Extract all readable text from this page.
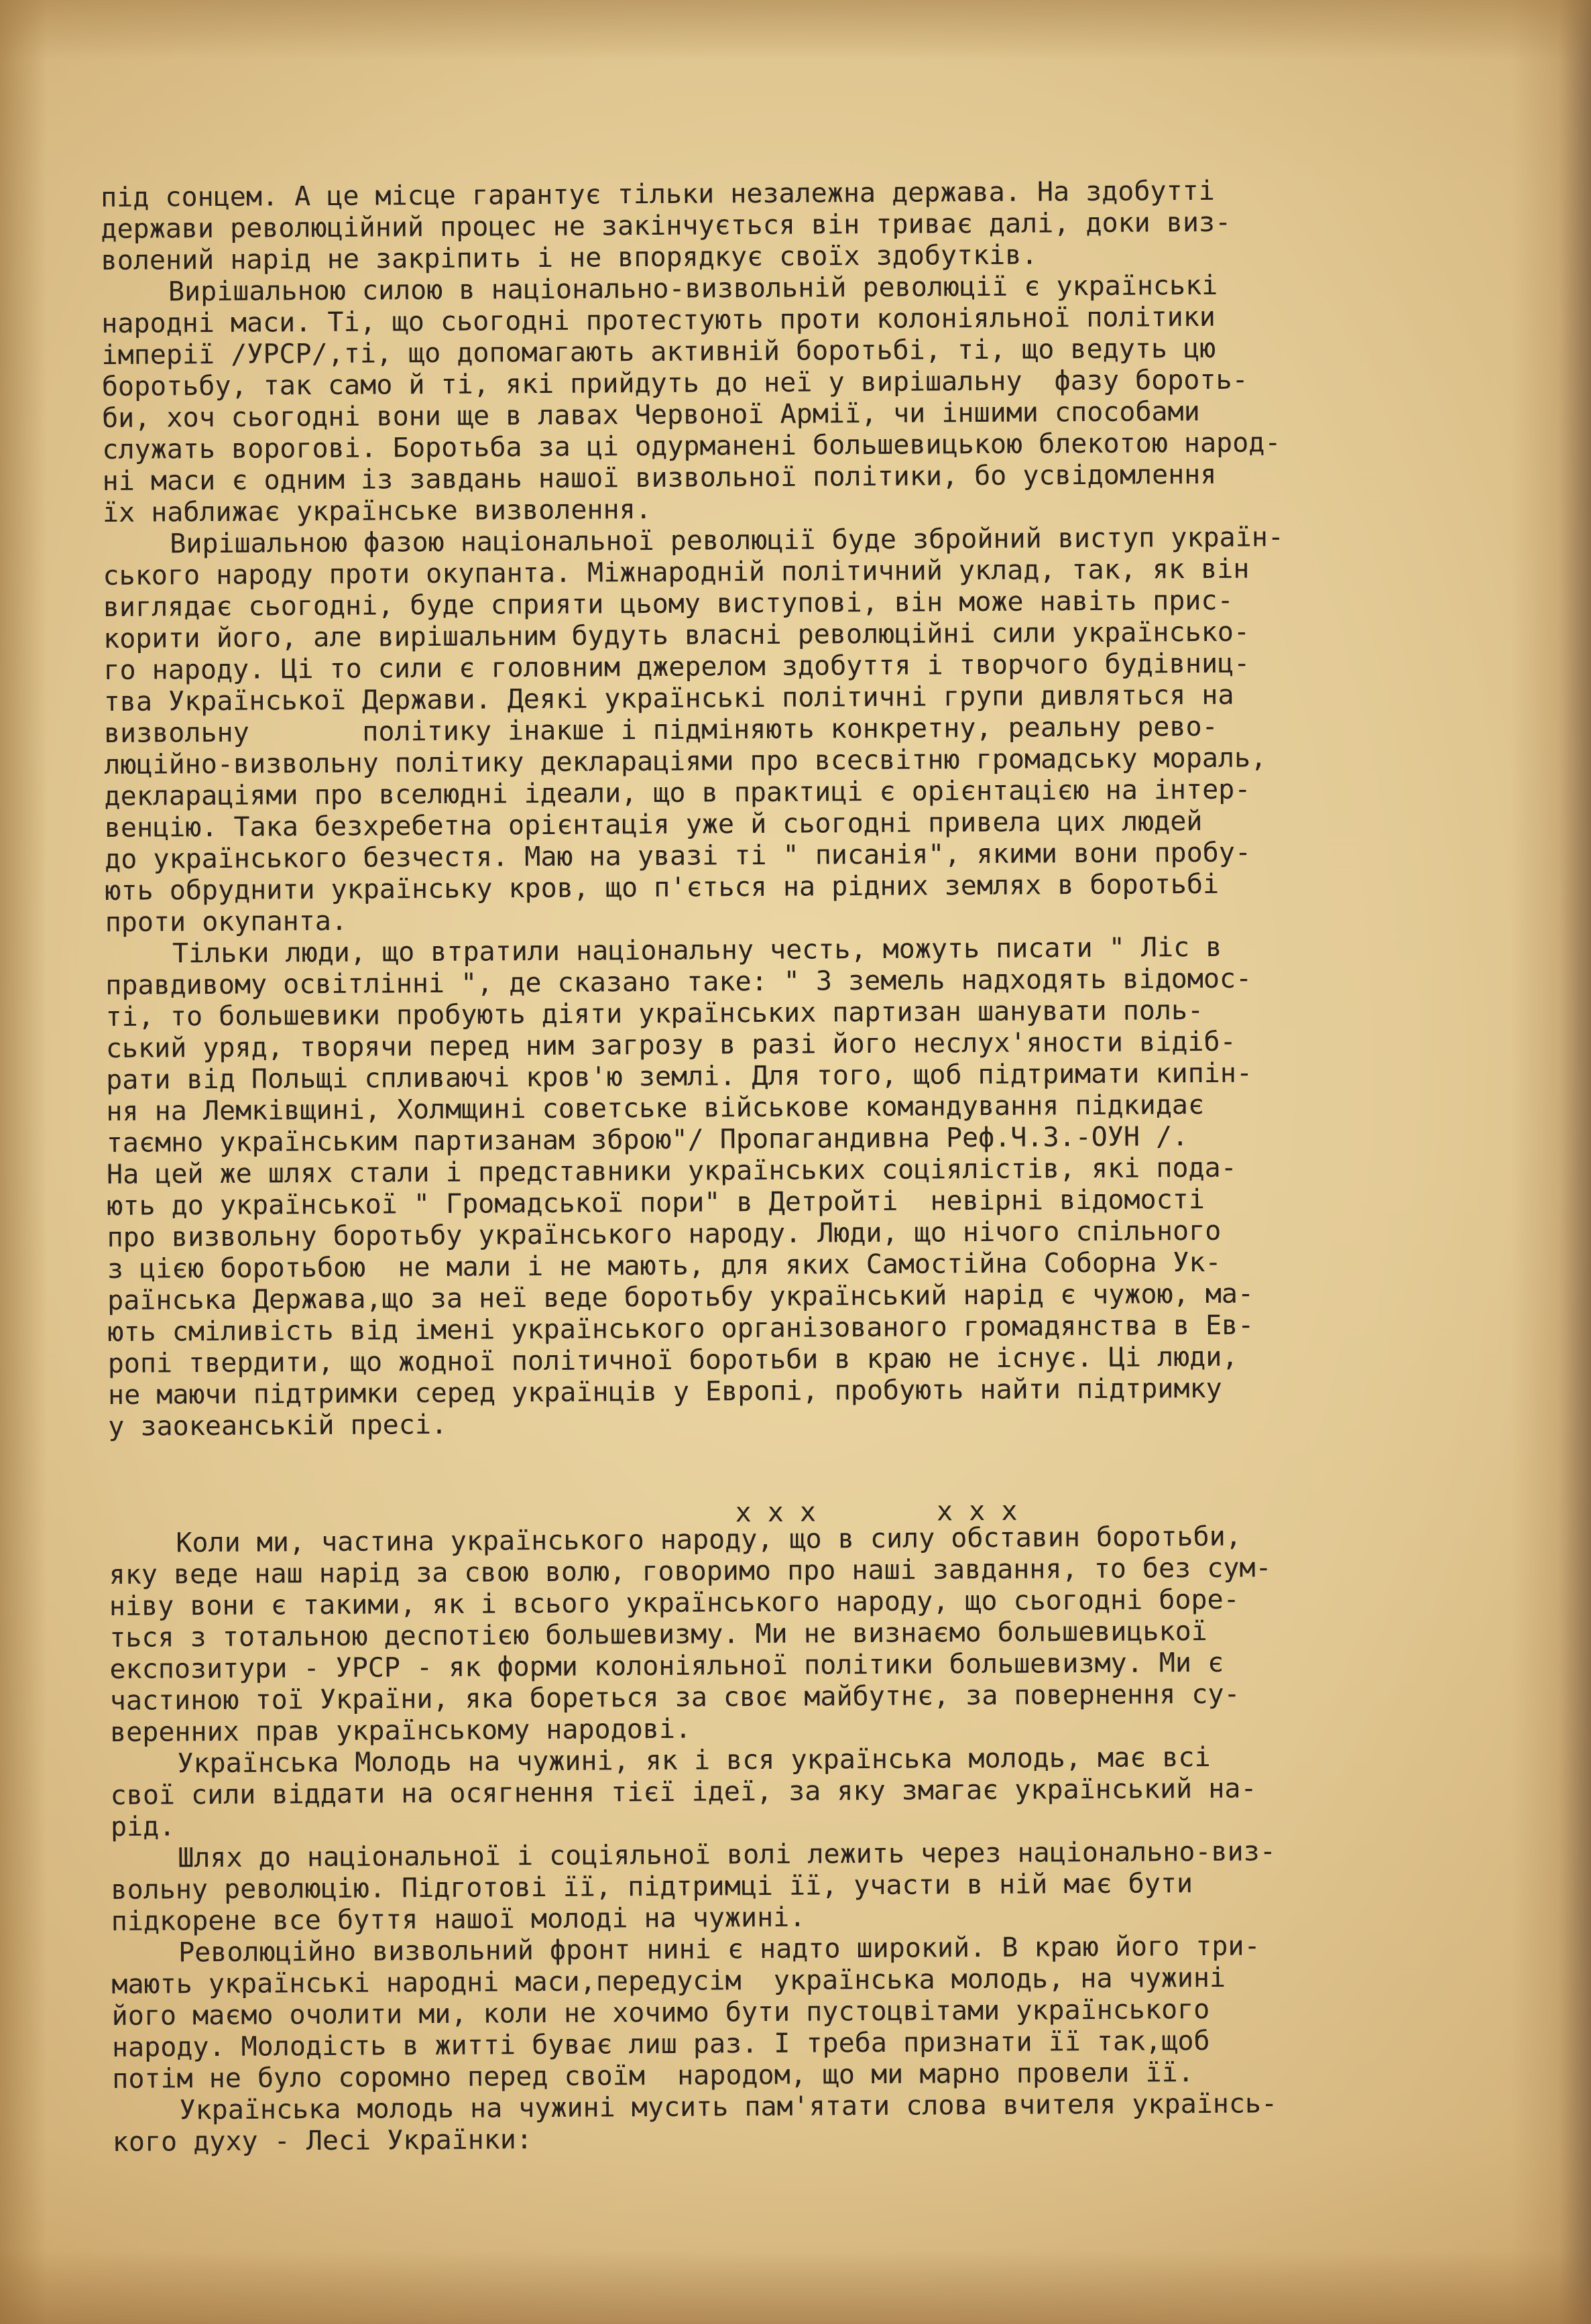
під сонцем. А це місце гарантує тільки незалежна держава. На здобутті
держави революційний процес не закінчується він триває далі, доки виз-
волений нарід не закріпить і не впорядкує своїх здобутків.
Вирішальною силою в національно-визвольній революції є українські
народні маси. Ті, що сьогодні протестують проти колоніяльної політики
імперії /УРСР/,ті, що допомагають активній боротьбі, ті, що ведуть цю
боротьбу, так само й ті, які прийдуть до неї у вирішальну  фазу бороть-
би, хоч сьогодні вони ще в лавах Червоної Армії, чи іншими способами
служать ворогові. Боротьба за ці одурманені большевицькою блекотою народ-
ні маси є одним із завдань нашої визвольної політики, бо усвідомлення
їх наближає українське визволення.
Вирішальною фазою національної революції буде збройний виступ україн-
ського народу проти окупанта. Міжнародній політичний уклад, так, як він
виглядає сьогодні, буде сприяти цьому виступові, він може навіть прис-
корити його, але вирішальним будуть власні революційні сили українсько-
го народу. Ці то сили є головним джерелом здобуття і творчого будівниц-
тва Української Держави. Деякі українські політичні групи дивляться на
визвольну       політику інакше і підміняють конкретну, реальну рево-
люційно-визвольну політику деклараціями про всесвітню громадську мораль,
деклараціями про вселюдні ідеали, що в практиці є орієнтацією на інтер-
венцію. Така безхребетна орієнтація уже й сьогодні привела цих людей
до українського безчестя. Маю на увазі ті " писанія", якими вони пробу-
ють обруднити українську кров, що п'ється на рідних землях в боротьбі
проти окупанта.
Тільки люди, що втратили національну честь, можуть писати " Ліс в
правдивому освітлінні ", де сказано таке: " З земель надходять відомос-
ті, то большевики пробують діяти українських партизан шанувати поль-
ський уряд, творячи перед ним загрозу в разі його неслух'яности відіб-
рати від Польщі спливаючі кров'ю землі. Для того, щоб підтримати кипін-
ня на Лемківщині, Холмщині советське військове командування підкидає
таємно українським партизанам зброю"/ Пропагандивна Реф.Ч.З.-ОУН /.
На цей же шлях стали і представники українських соціялістів, які пода-
ють до української " Громадської пори" в Детройті  невірні відомості
про визвольну боротьбу українського народу. Люди, що нічого спільного
з цією боротьбою  не мали і не мають, для яких Самостійна Соборна Ук-
раїнська Держава,що за неї веде боротьбу український нарід є чужою, ма-
ють сміливість від імені українського організованого громадянства в Ев-
ропі твердити, що жодної політичної боротьби в краю не існує. Ці люди,
не маючи підтримки серед українців у Европі, пробують найти підтримку
у заокеанській пресі.

x x x	x x x

Коли ми, частина українського народу, що в силу обставин боротьби,
яку веде наш нарід за свою волю, говоримо про наші завдання, то без сум-
ніву вони є такими, як і всього українського народу, що сьогодні боре-
ться з тотальною деспотією большевизму. Ми не визнаємо большевицької
експозитури - УРСР - як форми колоніяльної політики большевизму. Ми є
частиною тої України, яка бореться за своє майбутнє, за повернення су-
веренних прав українському народові.
Українська Молодь на чужині, як і вся українська молодь, має всі
свої сили віддати на осягнення тієї ідеї, за яку змагає український на-
рід.
Шлях до національної і соціяльної волі лежить через національно-виз-
вольну революцію. Підготові її, підтримці її, участи в ній має бути
підкорене все буття нашої молоді на чужині.
Революційно визвольний фронт нині є надто широкий. В краю його три-
мають українські народні маси,передусім  українська молодь, на чужині
його маємо очолити ми, коли не хочимо бути пустоцвітами українського
народу. Молодість в житті буває лиш раз. І треба признати її так,щоб
потім не було соромно перед своїм  народом, що ми марно провели її.
Українська молодь на чужині мусить пам'ятати слова вчителя українсь-
кого духу - Лесі Українки:
